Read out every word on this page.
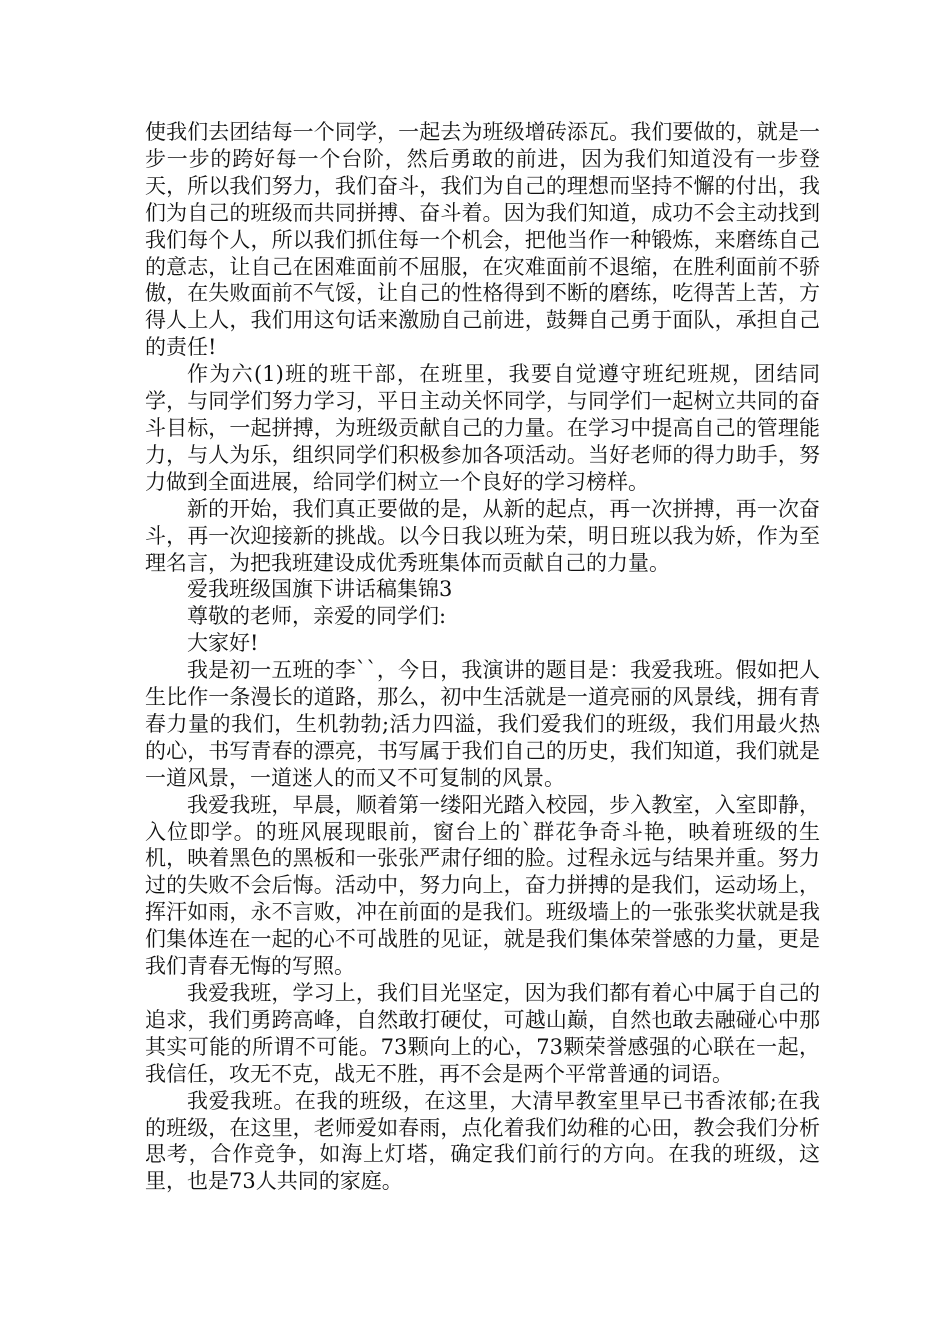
使我们去团结每一个同学，一起去为班级增砖添瓦。我们要做的，就是一步一步的跨好每一个台阶，然后勇敢的前进，因为我们知道没有一步登天，所以我们努力，我们奋斗，我们为自己的理想而坚持不懈的付出，我们为自己的班级而共同拼搏、奋斗着。因为我们知道，成功不会主动找到我们每个人，所以我们抓住每一个机会，把他当作一种锻炼，来磨练自己的意志，让自己在困难面前不屈服，在灾难面前不退缩，在胜利面前不骄傲，在失败面前不气馁，让自己的性格得到不断的磨练，吃得苦上苦，方得人上人，我们用这句话来激励自己前进，鼓舞自己勇于面队，承担自己的责任!

作为六(1)班的班干部，在班里，我要自觉遵守班纪班规，团结同学，与同学们努力学习，平日主动关怀同学，与同学们一起树立共同的奋斗目标，一起拼搏，为班级贡献自己的力量。在学习中提高自己的管理能力，与人为乐，组织同学们积极参加各项活动。当好老师的得力助手，努力做到全面进展，给同学们树立一个良好的学习榜样。

新的开始，我们真正要做的是，从新的起点，再一次拼搏，再一次奋斗，再一次迎接新的挑战。以今日我以班为荣，明日班以我为娇，作为至理名言，为把我班建设成优秀班集体而贡献自己的力量。

爱我班级国旗下讲话稿集锦3

尊敬的老师，亲爱的同学们:

大家好!

我是初一五班的李``，今日，我演讲的题目是：我爱我班。假如把人生比作一条漫长的道路，那么，初中生活就是一道亮丽的风景线，拥有青春力量的我们，生机勃勃;活力四溢，我们爱我们的班级，我们用最火热的心，书写青春的漂亮，书写属于我们自己的历史，我们知道，我们就是一道风景，一道迷人的而又不可复制的风景。

我爱我班，早晨，顺着第一缕阳光踏入校园，步入教室，入室即静，入位即学。的班风展现眼前，窗台上的`群花争奇斗艳，映着班级的生机，映着黑色的黑板和一张张严肃仔细的脸。过程永远与结果并重。努力过的失败不会后悔。活动中，努力向上，奋力拼搏的是我们，运动场上，挥汗如雨，永不言败，冲在前面的是我们。班级墙上的一张张奖状就是我们集体连在一起的心不可战胜的见证，就是我们集体荣誉感的力量，更是我们青春无悔的写照。

我爱我班，学习上，我们目光坚定，因为我们都有着心中属于自己的追求，我们勇跨高峰，自然敢打硬仗，可越山巅，自然也敢去融碰心中那其实可能的所谓不可能。73颗向上的心，73颗荣誉感强的心联在一起，我信任，攻无不克，战无不胜，再不会是两个平常普通的词语。

我爱我班。在我的班级，在这里，大清早教室里早已书香浓郁;在我的班级，在这里，老师爱如春雨，点化着我们幼稚的心田，教会我们分析思考，合作竞争，如海上灯塔，确定我们前行的方向。在我的班级，这里，也是73人共同的家庭。
